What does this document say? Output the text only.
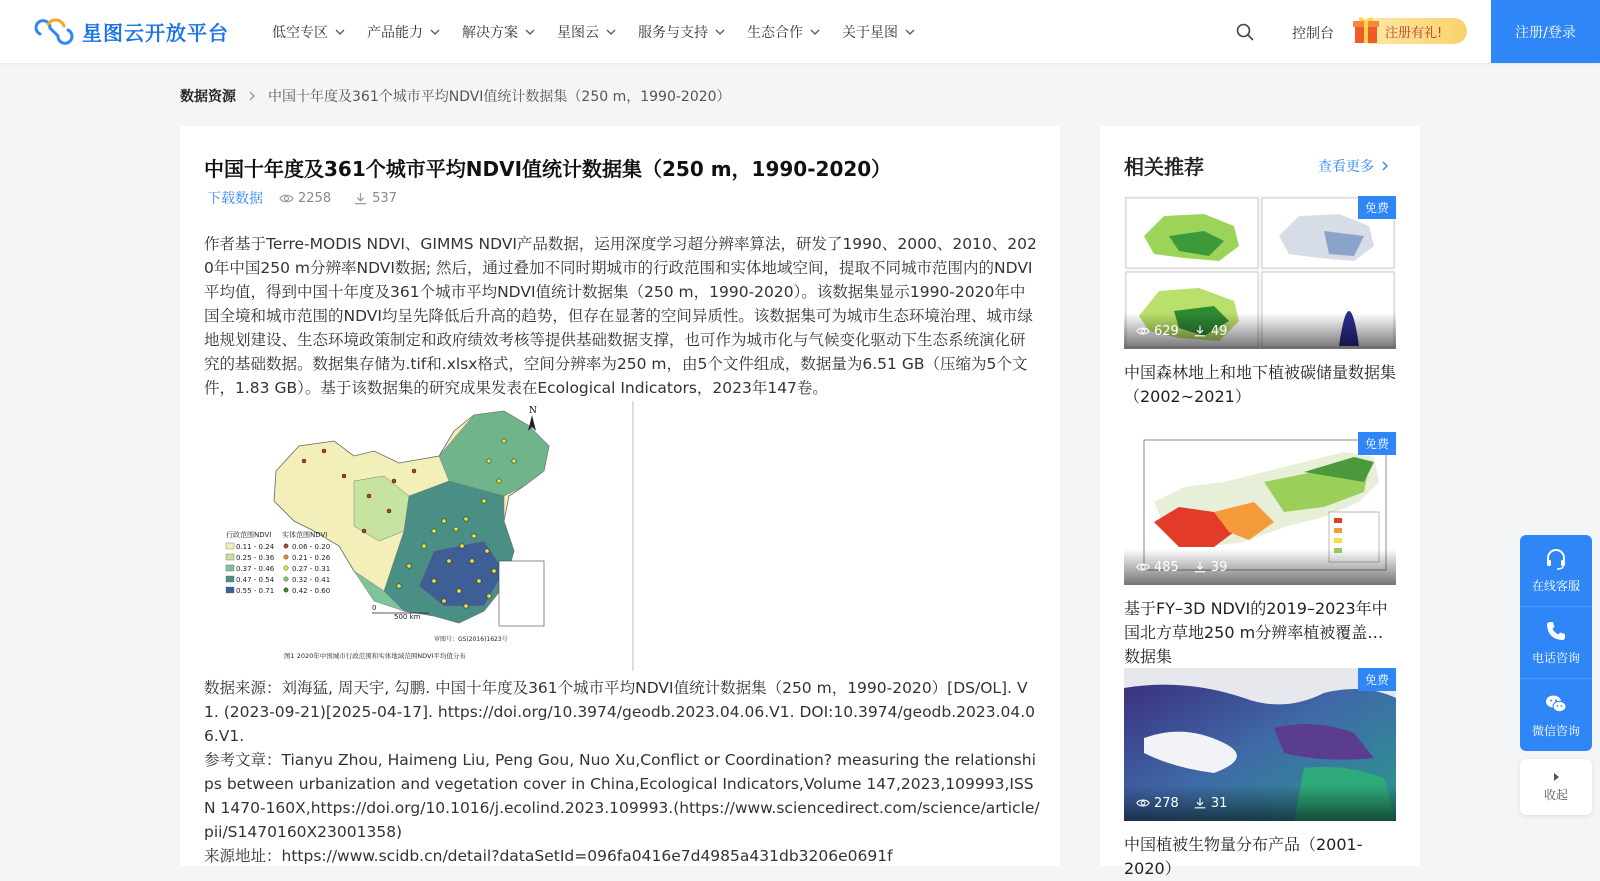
星图云开放平台	低空专区	产品能力	解决方案	星图云	服务与支持	生态合作	关于星图	控制台	注册有礼!	注册/登录
数据资源 中国十年度及361个城市平均NDVI值统计数据集（250 m，1990-2020）
中国十年度及361个城市平均NDVI值统计数据集（250 m，1990-2020）
下载数据	2258	537
作者基于Terre-MODIS NDVI、GIMMS NDVI产品数据，运用深度学习超分辨率算法，研发了1990、2000、2010、2020年中国250 m分辨率NDVI数据; 然后，通过叠加不同时期城市的行政范围和实体地域空间，提取不同城市范围内的NDVI平均值，得到中国十年度及361个城市平均NDVI值统计数据集（250 m，1990-2020）。该数据集显示1990-2020年中国全境和城市范围的NDVI均呈先降低后升高的趋势，但存在显著的空间异质性。该数据集可为城市生态环境治理、城市绿地规划建设、生态环境政策制定和政府绩效考核等提供基础数据支撑，也可作为城市化与气候变化驱动下生态系统演化研究的基础数据。数据集存储为.tif和.xlsx格式，空间分辨率为250 m，由5个文件组成，数据量为6.51 GB（压缩为5个文件，1.83 GB）。基于该数据集的研究成果发表在Ecological Indicators，2023年147卷。
N
行政范围NDVI 实体范围NDVI
0.11 - 0.24
0.25 - 0.36
0.37 - 0.46
0.47 - 0.54
0.55 - 0.71
0.06 - 0.20
0.21 - 0.26
0.27 - 0.31
0.32 - 0.41
0.42 - 0.60
0
500 km
审图号：GS(2016)1623号
图1 2020年中国城市行政范围和实体地域范围NDVI平均值分布
数据来源：刘海猛, 周天宇, 勾鹏. 中国十年度及361个城市平均NDVI值统计数据集（250 m，1990-2020）[DS/OL]. V1. (2023-09-21)[2025-04-17]. https://doi.org/10.3974/geodb.2023.04.06.V1. DOI:10.3974/geodb.2023.04.06.V1.
参考文章：Tianyu Zhou, Haimeng Liu, Peng Gou, Nuo Xu,Conflict or Coordination? measuring the relationships between urbanization and vegetation cover in China,Ecological Indicators,Volume 147,2023,109993,ISSN 1470-160X,https://doi.org/10.1016/j.ecolind.2023.109993.(https://www.sciencedirect.com/science/article/pii/S1470160X23001358)
来源地址：https://www.scidb.cn/detail?dataSetId=096fa0416e7d4985a431db3206e0691f
相关推荐	查看更多
免费
629 49
中国森林地上和地下植被碳储量数据集（2002~2021）
免费
485 39
基于FY–3D NDVI的2019–2023年中国北方草地250 m分辨率植被覆盖度数据集
免费
278 31
中国植被生物量分布产品（2001-2020）
在线客服
电话咨询
微信咨询
收起
